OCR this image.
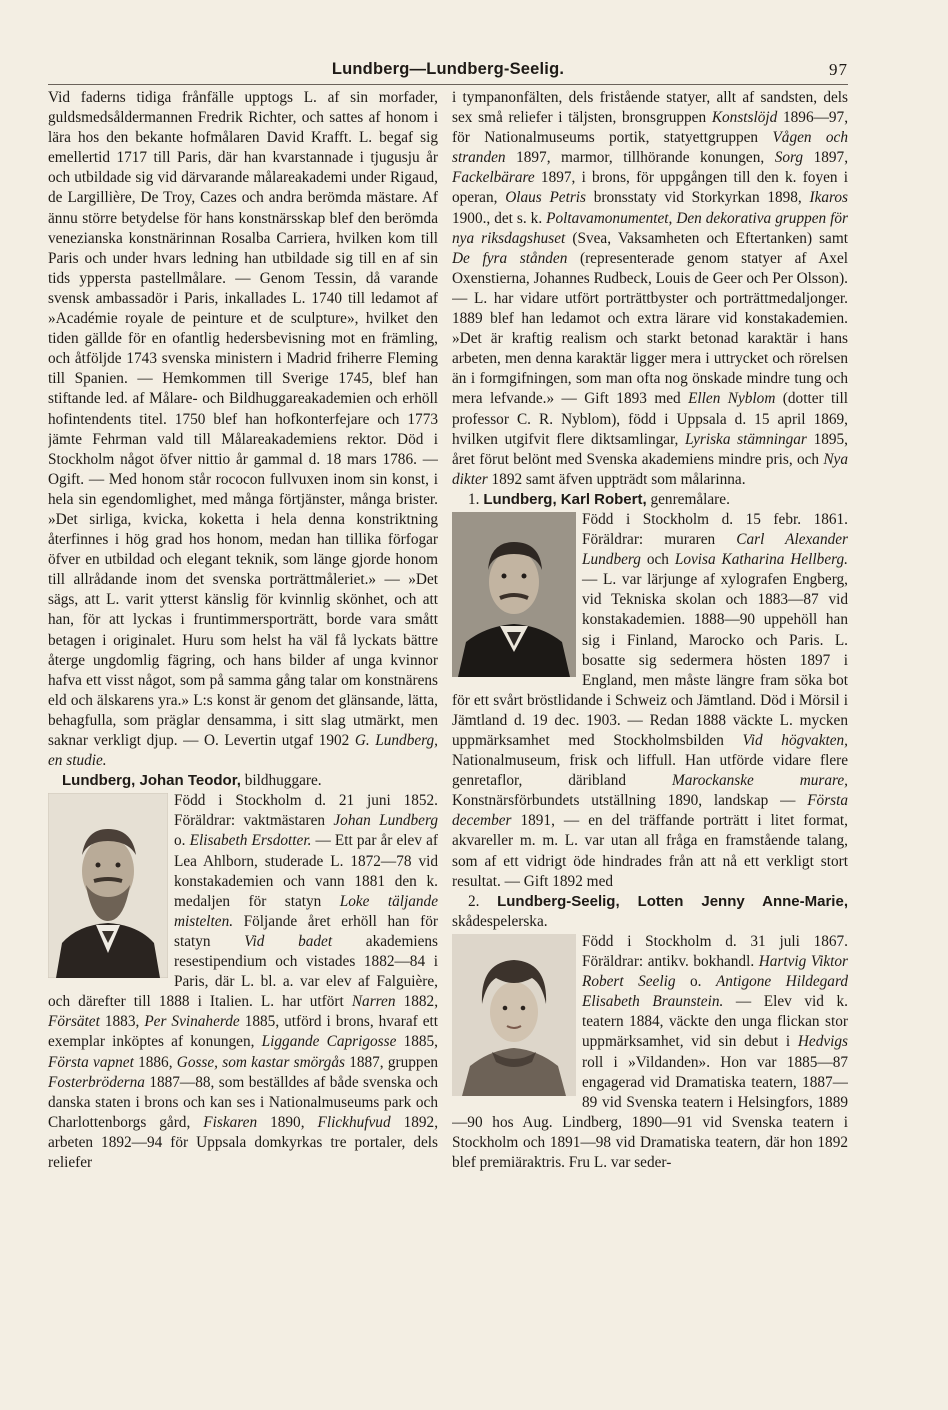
Lundberg—Lundberg-Seelig.	97

Vid faderns tidiga frånfälle upptogs L. af sin morfader, guldsmedsåldermannen Fredrik Richter, och sattes af honom i lära hos den bekante hofmålaren David Krafft. L. begaf sig emellertid 1717 till Paris, där han kvarstannade i tjugusju år och utbildade sig vid därvarande målareakademi under Rigaud, de Largillière, De Troy, Cazes och andra berömda mästare. Af ännu större betydelse för hans konstnärsskap blef den berömda venezianska konstnärinnan Rosalba Carriera, hvilken kom till Paris och under hvars ledning han utbildade sig till en af sin tids yppersta pastellmålare. — Genom Tessin, då varande svensk ambassadör i Paris, inkallades L. 1740 till ledamot af »Académie royale de peinture et de sculpture», hvilket den tiden gällde för en ofantlig hedersbevisning mot en främling, och åtföljde 1743 svenska ministern i Madrid friherre Fleming till Spanien. — Hemkommen till Sverige 1745, blef han stiftande led. af Målare- och Bildhuggareakademien och erhöll hofintendents titel. 1750 blef han hofkonterfejare och 1773 jämte Fehrman vald till Målareakademiens rektor. Död i Stockholm något öfver nittio år gammal d. 18 mars 1786. — Ogift. — Med honom står rococon fullvuxen inom sin konst, i hela sin egendomlighet, med många förtjänster, många brister. »Det sirliga, kvicka, koketta i hela denna konstriktning återfinnes i hög grad hos honom, medan han tillika förfogar öfver en utbildad och elegant teknik, som länge gjorde honom till allrådande inom det svenska porträttmåleriet.» — »Det sägs, att L. varit ytterst känslig för kvinnlig skönhet, och att han, för att lyckas i fruntimmersporträtt, borde vara smått betagen i originalet. Huru som helst ha väl få lyckats bättre återge ungdomlig fägring, och hans bilder af unga kvinnor hafva ett visst något, som på samma gång talar om konstnärens eld och älskarens yra.» L:s konst är genom det glänsande, lätta, behagfulla, som präglar densamma, i sitt slag utmärkt, men saknar verkligt djup. — O. Levertin utgaf 1902 G. Lundberg, en studie.

Lundberg, Johan Teodor, bildhuggare.

Född i Stockholm d. 21 juni 1852. Föräldrar: vaktmästaren Johan Lundberg o. Elisabeth Ersdotter. — Ett par år elev af Lea Ahlborn, studerade L. 1872—78 vid konstakademien och vann 1881 den k. medaljen för statyn Loke täljande mistelten. Följande året erhöll han för statyn Vid badet akademiens resestipendium och vistades 1882—84 i Paris, där L. bl. a. var elev af Falguière, och därefter till 1888 i Italien. L. har utfört Narren 1882, Försätet 1883, Per Svinaherde 1885, utförd i brons, hvaraf ett exemplar inköptes af konungen, Liggande Caprigosse 1885, Första vapnet 1886, Gosse, som kastar smörgås 1887, gruppen Fosterbröderna 1887—88, som beställdes af både svenska och danska staten i brons och kan ses i Nationalmuseums park och Charlottenborgs gård, Fiskaren 1890, Flickhufvud 1892, arbeten 1892—94 för Uppsala domkyrkas tre portaler, dels reliefer

i tympanonfälten, dels fristående statyer, allt af sandsten, dels sex små reliefer i täljsten, bronsgruppen Konstslöjd 1896—97, för Nationalmuseums portik, statyettgruppen Vågen och stranden 1897, marmor, tillhörande konungen, Sorg 1897, Fackelbärare 1897, i brons, för uppgången till den k. foyen i operan, Olaus Petris bronsstaty vid Storkyrkan 1898, Ikaros 1900., det s. k. Poltavamonumentet, Den dekorativa gruppen för nya riksdagshuset (Svea, Vaksamheten och Eftertanken) samt De fyra stånden (representerade genom statyer af Axel Oxenstierna, Johannes Rudbeck, Louis de Geer och Per Olsson). — L. har vidare utfört porträttbyster och porträttmedaljonger. 1889 blef han ledamot och extra lärare vid konstakademien. »Det är kraftig realism och starkt betonad karaktär i hans arbeten, men denna karaktär ligger mera i uttrycket och rörelsen än i formgifningen, som man ofta nog önskade mindre tung och mera lefvande.» — Gift 1893 med Ellen Nyblom (dotter till professor C. R. Nyblom), född i Uppsala d. 15 april 1869, hvilken utgifvit flere diktsamlingar, Lyriska stämningar 1895, året förut belönt med Svenska akademiens mindre pris, och Nya dikter 1892 samt äfven uppträdt som målarinna.

1. Lundberg, Karl Robert, genremålare.

Född i Stockholm d. 15 febr. 1861. Föräldrar: muraren Carl Alexander Lundberg och Lovisa Katharina Hellberg. — L. var lärjunge af xylografen Engberg, vid Tekniska skolan och 1883—87 vid konstakademien. 1888—90 uppehöll han sig i Finland, Marocko och Paris. L. bosatte sig sedermera hösten 1897 i England, men måste längre fram söka bot för ett svårt bröstlidande i Schweiz och Jämtland. Död i Mörsil i Jämtland d. 19 dec. 1903. — Redan 1888 väckte L. mycken uppmärksamhet med Stockholmsbilden Vid högvakten, Nationalmuseum, frisk och liffull. Han utförde vidare flere genretaflor, däribland	Marockanske murare, Konstnärsförbundets utställning 1890, landskap — Första december 1891, — en del träffande porträtt i litet format, akvareller m. m. L. var utan all fråga en framstående talang, som af ett vidrigt öde hindrades från att nå ett verkligt stort resultat. — Gift 1892 med

2. Lundberg-Seelig, Lotten Jenny Anne-Marie, skådespelerska.

Född i Stockholm d. 31 juli 1867. Föräldrar: antikv. bokhandl. Hartvig Viktor Robert Seelig o. Antigone Hildegard Elisabeth Braunstein. — Elev vid k. teatern 1884, väckte den unga flickan stor uppmärksamhet, vid sin debut i Hedvigs roll i »Vildanden». Hon var 1885—87 engagerad vid Dramatiska teatern, 1887—89 vid Svenska teatern i Helsingfors, 1889—90 hos Aug. Lindberg, 1890—91 vid Svenska teatern i Stockholm och 1891—98 vid Dramatiska teatern, där hon 1892 blef premiäraktris. Fru L. var seder-
